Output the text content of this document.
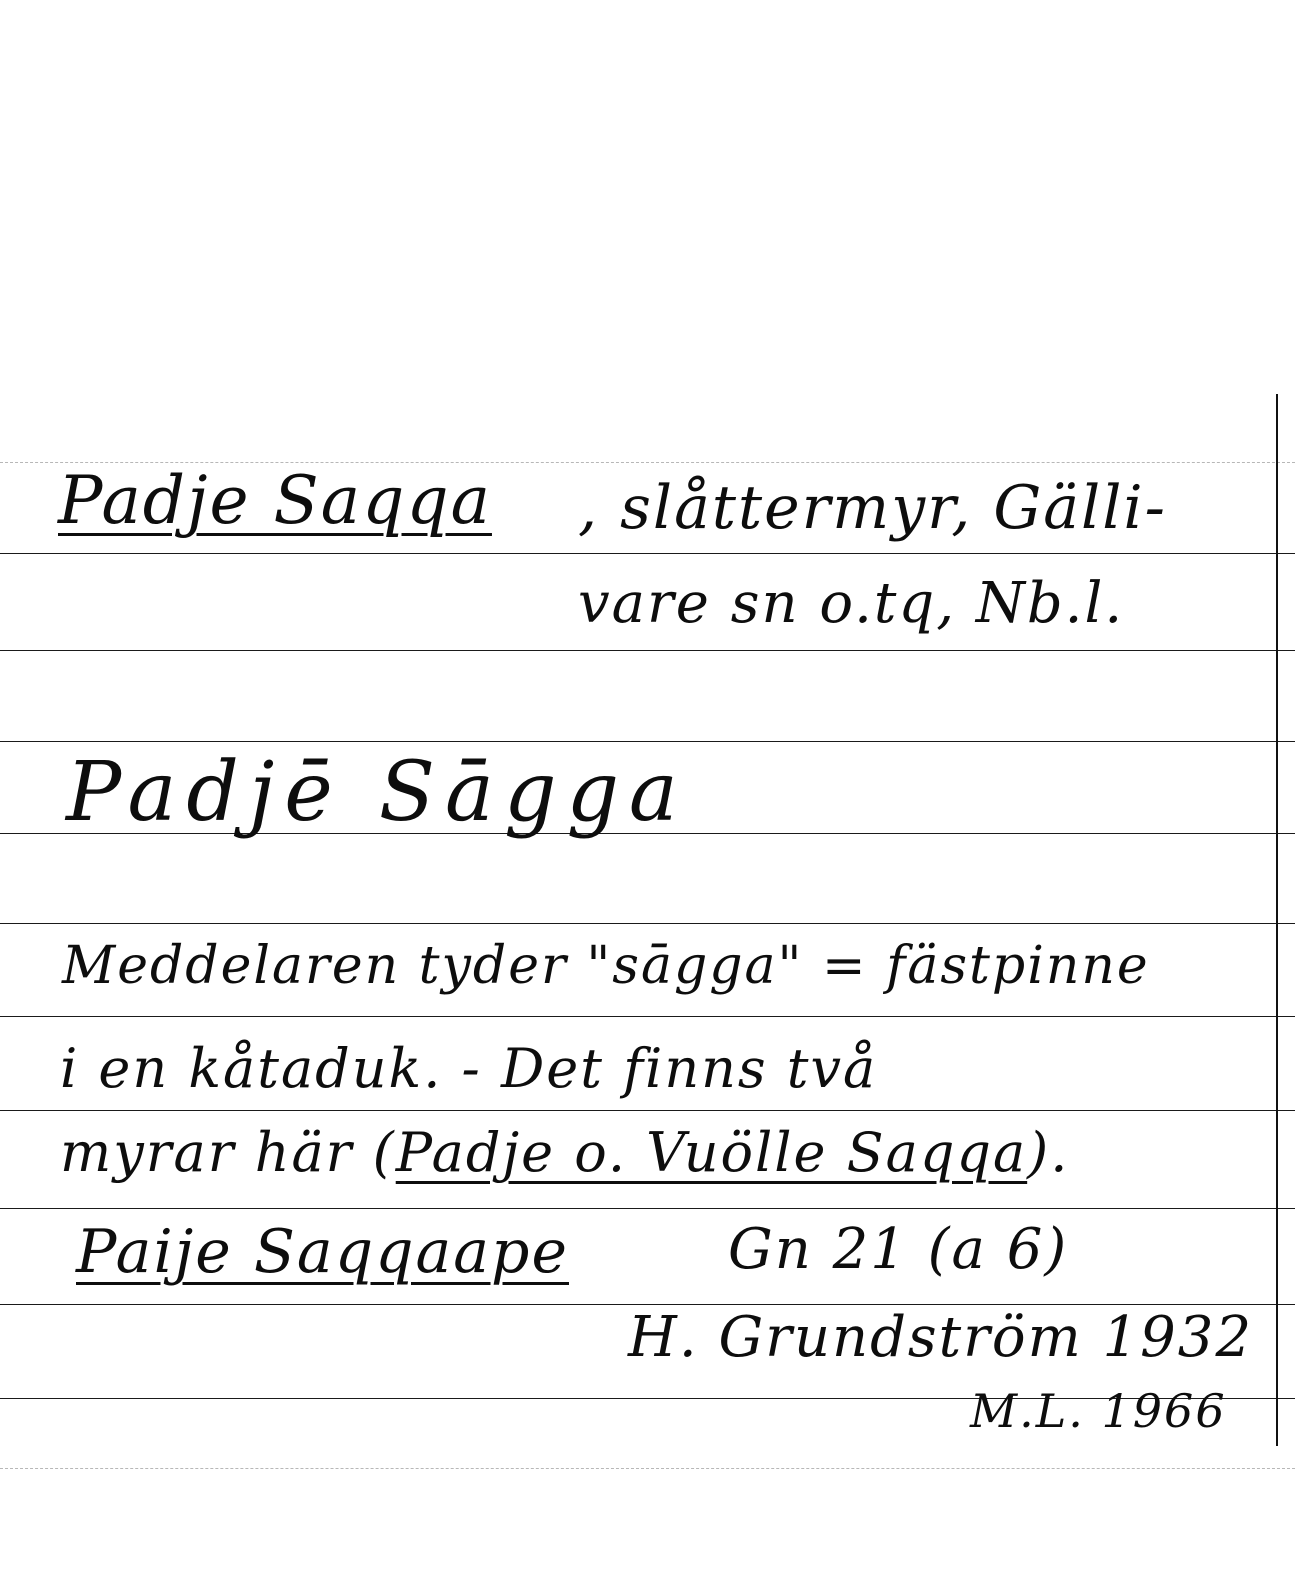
Padje Saqqa , slåttermyr, Gälli-
vare sn o.tq, Nb.l.
Padjē Sāgga
Meddelaren tyder "sāgga" = fästpinne
i en kåtaduk. - Det finns två
myrar här (Padje o. Vuölle Saqqa).
Paije Saqqaape	Gn 21 (a 6)
H. Grundström 1932
M.L. 1966
